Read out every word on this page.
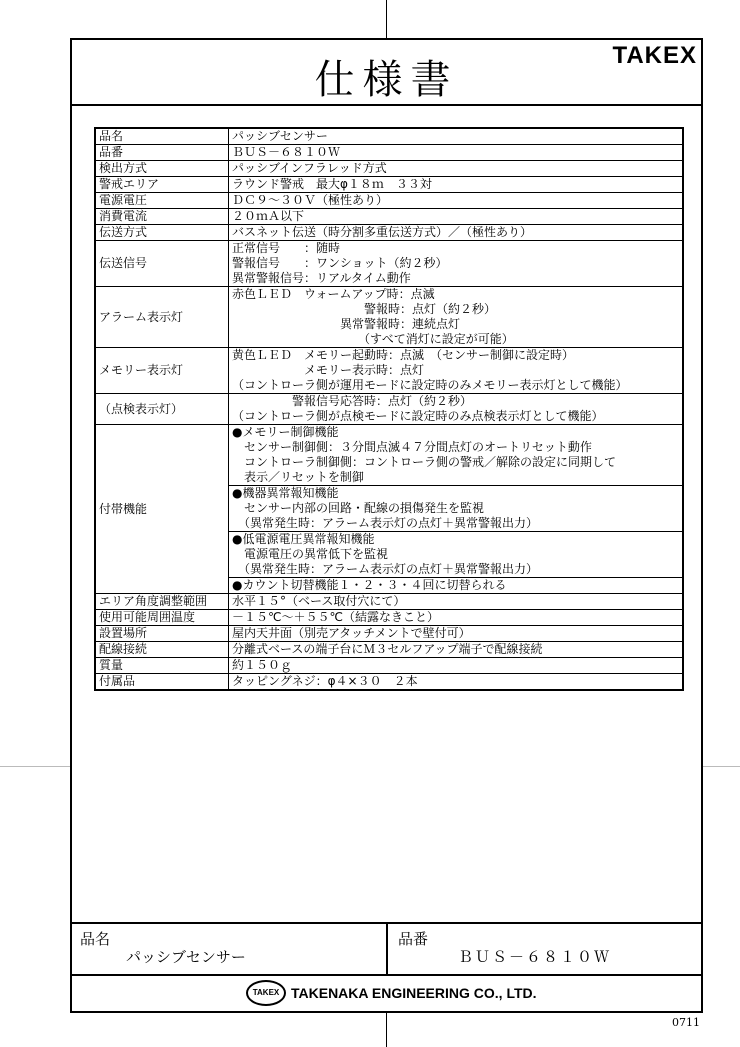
仕様書
TAKEX
品名	パッシブセンサー

品番	ＢＵＳ－６８１０Ｗ

検出方式	パッシブインフラレッド方式

警戒エリア	ラウンド警戒　最大φ１８ｍ　３３対

電源電圧	ＤＣ９～３０Ｖ（極性あり）

消費電流	２０ｍＡ以下

伝送方式	バスネット伝送（時分割多重伝送方式）／（極性あり）

伝送信号	正常信号　　：随時
警報信号　　：ワンショット（約２秒）
異常警報信号：リアルタイム動作

アラーム表示灯	赤色ＬＥＤ　ウォームアップ時：点滅
　　　　　　　　　　　警報時：点灯（約２秒）
　　　　　　　　　異常警報時：連続点灯
　　　　　　　　　　　（すべて消灯に設定が可能）

メモリー表示灯	黄色ＬＥＤ　メモリー起動時：点滅　（センサー制御に設定時）
　　　　　　メモリー表示時：点灯
（コントローラ側が運用モードに設定時のみメモリー表示灯として機能）

（点検表示灯）	　　　　　警報信号応答時：点灯（約２秒）
（コントローラ側が点検モードに設定時のみ点検表示灯として機能）

付帯機能	●メモリー制御機能
　センサー制御側：３分間点滅４７分間点灯のオートリセット動作
　コントローラ制御側：コントローラ側の警戒／解除の設定に同期して
　表示／リセットを制御

	●機器異常報知機能
　センサー内部の回路・配線の損傷発生を監視
　（異常発生時：アラーム表示灯の点灯＋異常警報出力）

	●低電源電圧異常報知機能
　電源電圧の異常低下を監視
　（異常発生時：アラーム表示灯の点灯＋異常警報出力）

	●カウント切替機能１・２・３・４回に切替られる

エリア角度調整範囲	水平１５°（ベース取付穴にて）

使用可能周囲温度	－１５℃～＋５５℃（結露なきこと）

設置場所	屋内天井面（別売アタッチメントで壁付可）

配線接続	分離式ベースの端子台にＭ３セルフアップ端子で配線接続

質量	約１５０ｇ

付属品	タッピングネジ：φ４×３０　２本
品名
パッシブセンサー
品番
ＢＵＳ－６８１０Ｗ
TAKEX TAKENAKA ENGINEERING CO., LTD.
0711
